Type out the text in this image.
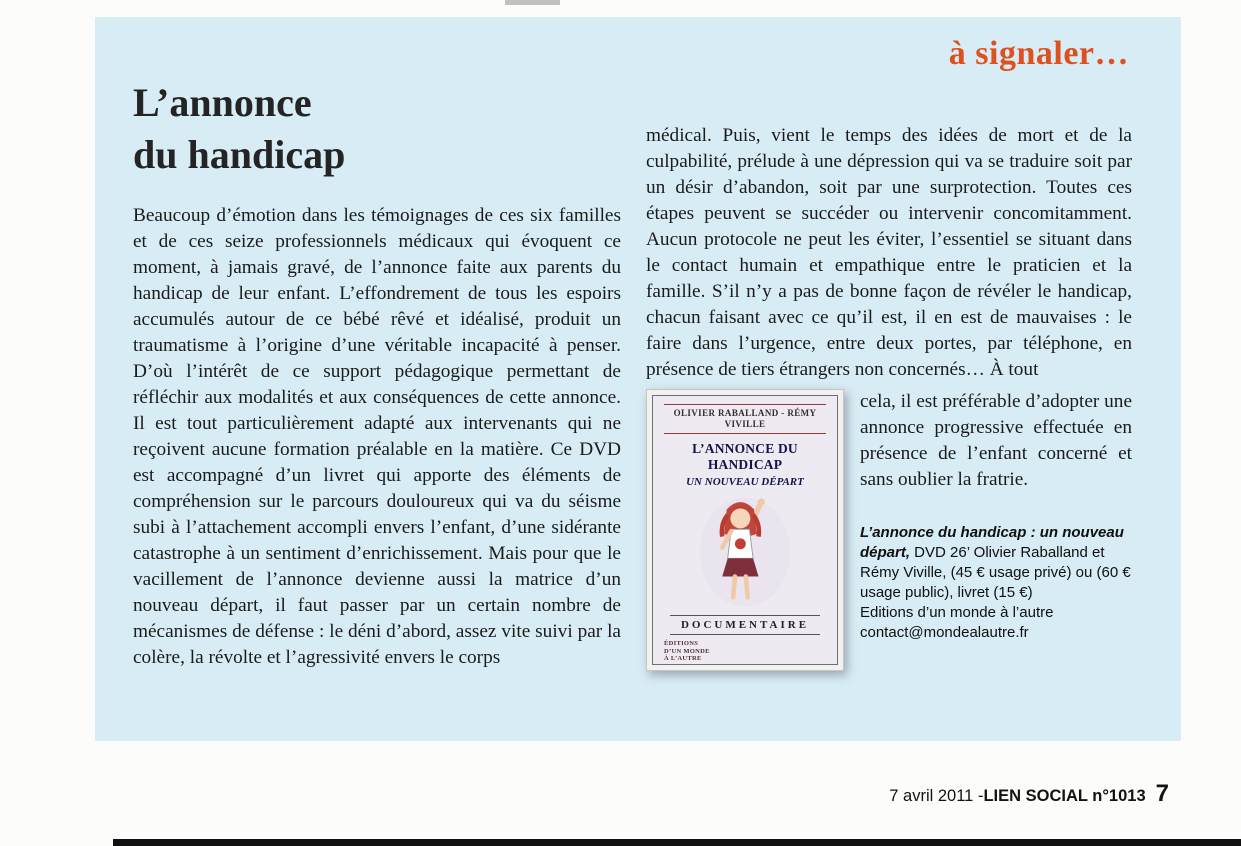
à signaler…
L’annonce
du handicap

Beaucoup d’émotion dans les témoignages de ces six familles et de ces seize professionnels médicaux qui évoquent ce moment, à jamais gravé, de l’annonce faite aux parents du handicap de leur enfant. L’effondrement de tous les espoirs accumulés autour de ce bébé rêvé et idéalisé, produit un traumatisme à l’origine d’une véritable incapacité à penser. D’où l’intérêt de ce support pédagogique permettant de réfléchir aux modalités et aux conséquences de cette annonce. Il est tout particulièrement adapté aux intervenants qui ne reçoivent aucune formation préalable en la matière. Ce DVD est accompagné d’un livret qui apporte des éléments de compréhension sur le parcours douloureux qui va du séisme subi à l’attachement accompli envers l’enfant, d’une sidérante catastrophe à un sentiment d’enrichissement. Mais pour que le vacillement de l’annonce devienne aussi la matrice d’un nouveau départ, il faut passer par un certain nombre de mécanismes de défense : le déni d’abord, assez vite suivi par la colère, la révolte et l’agressivité envers le corps

médical. Puis, vient le temps des idées de mort et de la culpabilité, prélude à une dépression qui va se traduire soit par un désir d’abandon, soit par une surprotection. Toutes ces étapes peuvent se succéder ou intervenir concomitamment. Aucun protocole ne peut les éviter, l’essentiel se situant dans le contact humain et empathique entre le praticien et la famille. S’il n’y a pas de bonne façon de révéler le handicap, chacun faisant avec ce qu’il est, il en est de mauvaises : le faire dans l’urgence, entre deux portes, par téléphone, en présence de tiers étrangers non concernés… À tout

OLIVIER RABALLAND - RÉMY VIVILLE
L’ANNONCE DU HANDICAP
UN NOUVEAU DÉPART
DOCUMENTAIRE
ÉDITIONS
D’UN MONDE
À L’AUTRE

cela, il est préférable d’adopter une annonce progressive effectuée en présence de l’enfant concerné et sans oublier la fratrie.

L’annonce du handicap : un nouveau départ, DVD 26’ Olivier Raballand et Rémy Viville, (45 € usage privé) ou (60 € usage public), livret (15 €)

Editions d’un monde à l’autre
contact@mondealautre.fr
7 avril 2011 - LIEN SOCIAL n°1013 7
